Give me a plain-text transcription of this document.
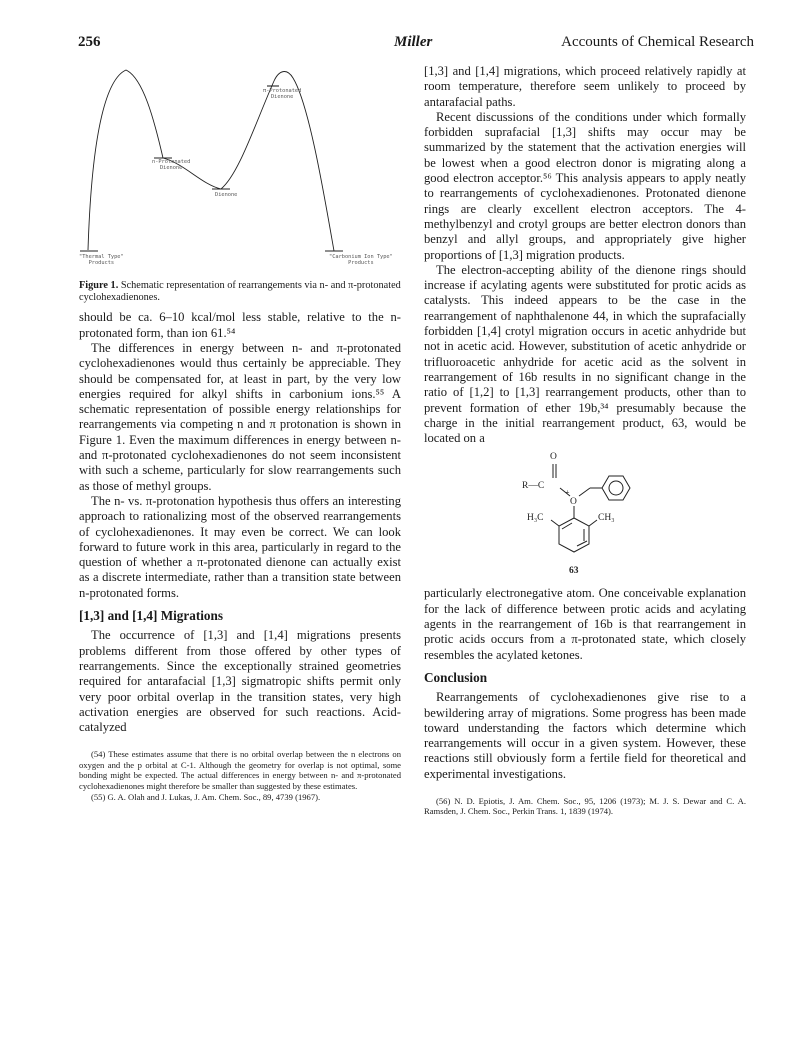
256	Miller	Accounts of Chemical Research
"Thermal Type"
Products
n-Protonated
Dienone
Dienone
π-Protonated
Dienone
"Carbonium Ion Type"
Products
Figure 1. Schematic representation of rearrangements via n- and π-protonated cyclohexadienones.

should be ca. 6–10 kcal/mol less stable, relative to the n-protonated form, than ion 61.⁵⁴

The differences in energy between n- and π-protonated cyclohexadienones would thus certainly be appreciable. They should be compensated for, at least in part, by the very low energies required for alkyl shifts in carbonium ions.⁵⁵ A schematic representation of possible energy relationships for rearrangements via competing n and π protonation is shown in Figure 1. Even the maximum differences in energy between n- and π-protonated cyclohexadienones do not seem inconsistent with such a scheme, particularly for slow rearrangements such as those of methyl groups.

The n- vs. π-protonation hypothesis thus offers an interesting approach to rationalizing most of the observed rearrangements of cyclohexadienones. It may even be correct. We can look forward to future work in this area, particularly in regard to the question of whether a π-protonated dienone can actually exist as a discrete intermediate, rather than a transition state between n-protonated forms.

[1,3] and [1,4] Migrations

The occurrence of [1,3] and [1,4] migrations presents problems different from those offered by other types of rearrangements. Since the exceptionally strained geometries required for antarafacial [1,3] sigmatropic shifts permit only very poor orbital overlap in the transition states, very high activation energies are observed for such reactions. Acid-catalyzed

(54) These estimates assume that there is no orbital overlap between the n electrons on oxygen and the p orbital at C-1. Although the geometry for overlap is not optimal, some bonding might be expected. The actual differences in energy between n- and π-protonated cyclohexadienones might therefore be smaller than suggested by these estimates.

(55) G. A. Olah and J. Lukas, J. Am. Chem. Soc., 89, 4739 (1967).

[1,3] and [1,4] migrations, which proceed relatively rapidly at room temperature, therefore seem unlikely to proceed by antarafacial paths.

Recent discussions of the conditions under which formally forbidden suprafacial [1,3] shifts may occur may be summarized by the statement that the activation energies will be lowest when a good electron donor is migrating along a good electron acceptor.⁵⁶ This analysis appears to apply neatly to rearrangements of cyclohexadienones. Protonated dienone rings are clearly excellent electron acceptors. The 4-methylbenzyl and crotyl groups are better electron donors than benzyl and allyl groups, and appropriately give higher proportions of [1,3] migration products.

The electron-accepting ability of the dienone rings should increase if acylating agents were substituted for protic acids as catalysts. This indeed appears to be the case in the rearrangement of naphthalenone 44, in which the suprafacially forbidden [1,4] crotyl migration occurs in acetic anhydride but not in acetic acid. However, substitution of acetic anhydride or trifluoroacetic anhydride for acetic acid as the solvent in rearrangement of 16b results in no significant change in the ratio of [1,2] to [1,3] rearrangement products, other than to prevent formation of ether 19b,³⁴ presumably because the charge in the initial rearrangement product, 63, would be located on a

O
R—C
O
+
H₃C	CH₃
63

particularly electronegative atom. One conceivable explanation for the lack of difference between protic acids and acylating agents in the rearrangement of 16b is that rearrangement in protic acids occurs from a π-protonated state, which closely resembles the acylated ketones.

Conclusion

Rearrangements of cyclohexadienones give rise to a bewildering array of migrations. Some progress has been made toward understanding the factors which determine which rearrangements will occur in a given system. However, these reactions still obviously form a fertile field for theoretical and experimental investigations.

(56) N. D. Epiotis, J. Am. Chem. Soc., 95, 1206 (1973); M. J. S. Dewar and C. A. Ramsden, J. Chem. Soc., Perkin Trans. 1, 1839 (1974).
